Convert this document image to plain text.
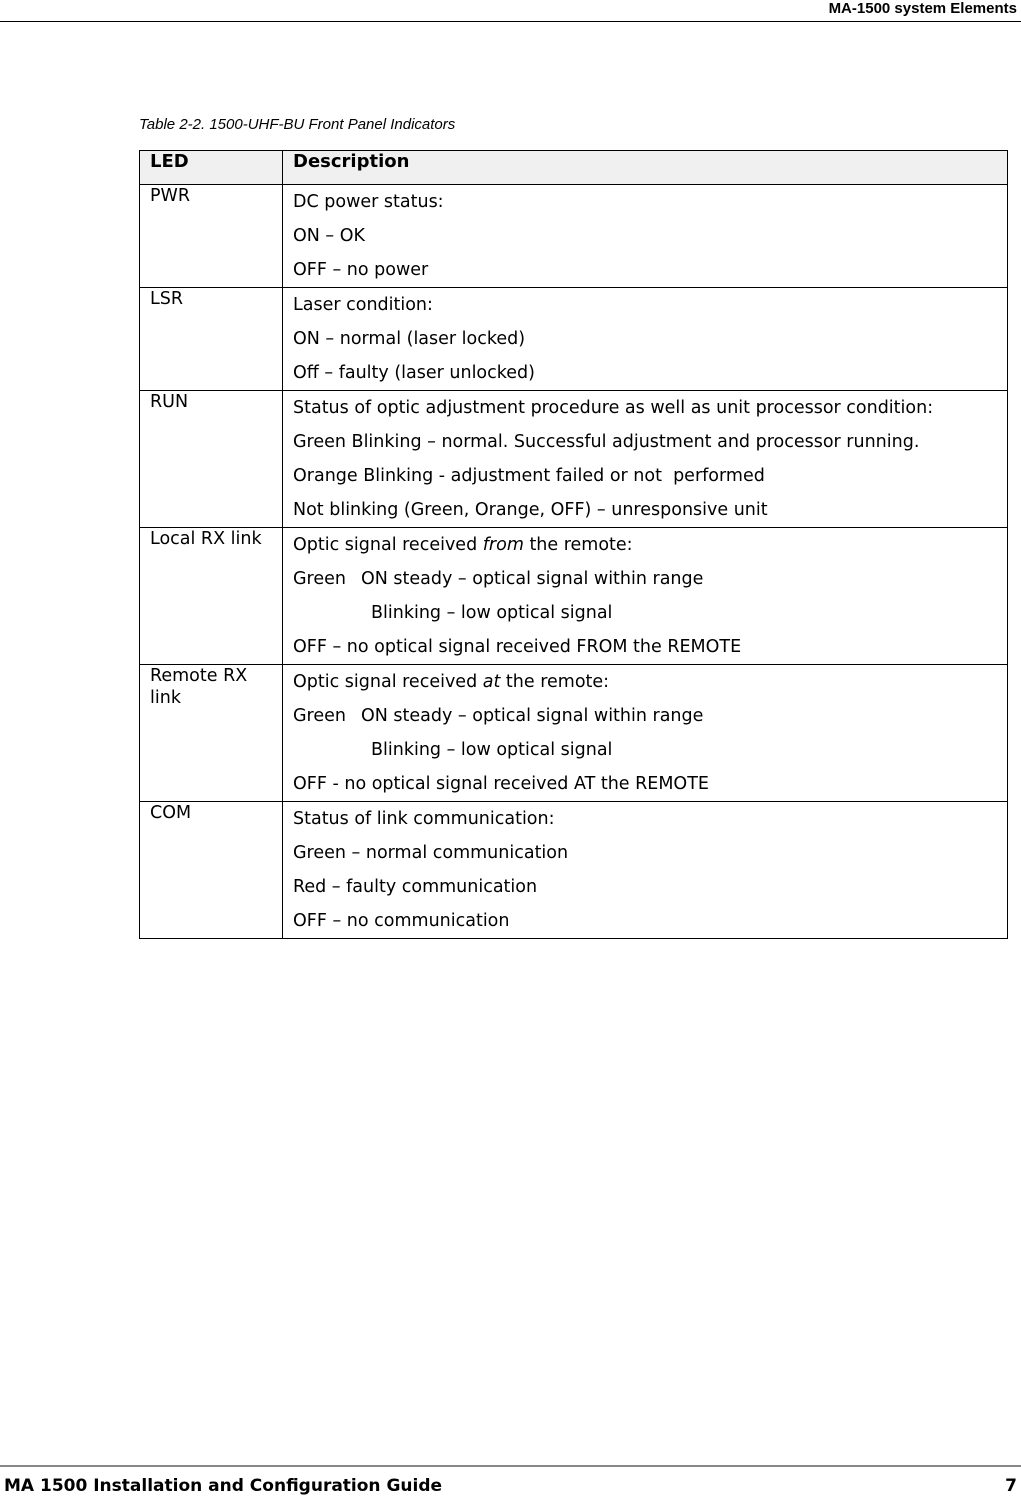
MA-1500 system Elements
Table 2-2. 1500-UHF-BU Front Panel Indicators
LED	Description
PWR	DC power status:
ON – OK
OFF – no power

LSR	Laser condition:
ON – normal (laser locked)
Off – faulty (laser unlocked)

RUN	Status of optic adjustment procedure as well as unit processor condition:
Green Blinking – normal. Successful adjustment and processor running.
Orange Blinking - adjustment failed or not  performed
Not blinking (Green, Orange, OFF) – unresponsive unit

Local RX link	Optic signal received from the remote:
Green ON steady – optical signal within range
Blinking – low optical signal
OFF – no optical signal received FROM the REMOTE

Remote RX link	Optic signal received at the remote:
Green ON steady – optical signal within range
Blinking – low optical signal
OFF - no optical signal received AT the REMOTE

COM	Status of link communication:
Green – normal communication
Red – faulty communication
OFF – no communication
MA 1500 Installation and Configuration Guide	7
